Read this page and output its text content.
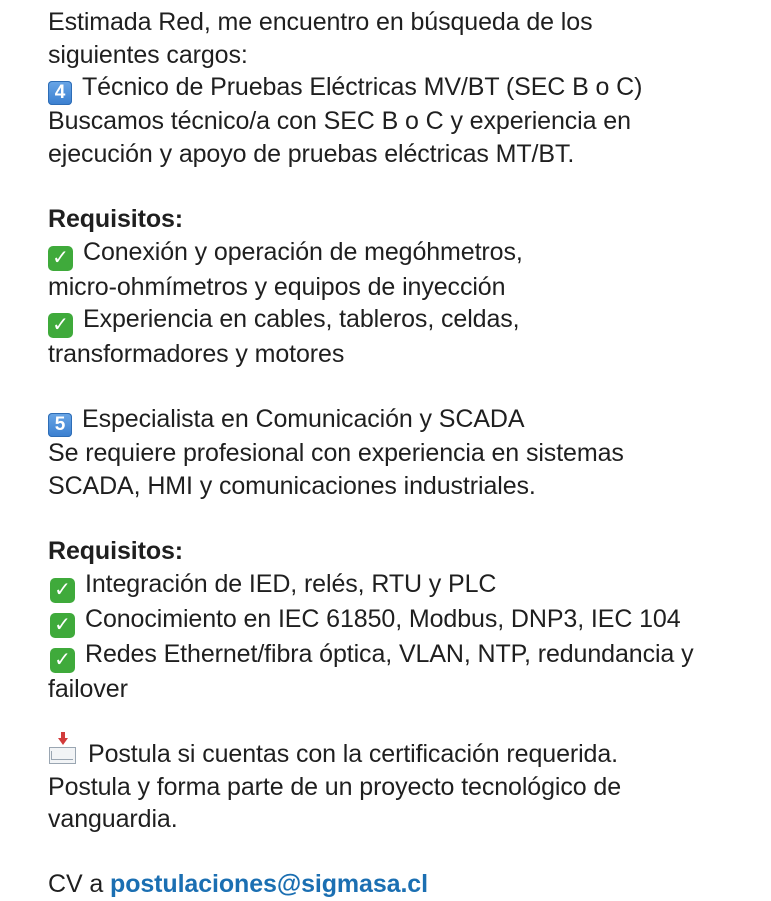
Estimada Red, me encuentro en búsqueda de los
siguientes cargos:
4 Técnico de Pruebas Eléctricas MV/BT (SEC B o C)
Buscamos técnico/a con SEC B o C y experiencia en
ejecución y apoyo de pruebas eléctricas MT/BT.
Requisitos:
✓ Conexión y operación de megóhmetros,
micro-ohmímetros y equipos de inyección
✓ Experiencia en cables, tableros, celdas,
transformadores y motores
5 Especialista en Comunicación y SCADA
Se requiere profesional con experiencia en sistemas
SCADA, HMI y comunicaciones industriales.
Requisitos:
✓ Integración de IED, relés, RTU y PLC
✓ Conocimiento en IEC 61850, Modbus, DNP3, IEC 104
✓ Redes Ethernet/fibra óptica, VLAN, NTP, redundancia y
failover
Postula si cuentas con la certificación requerida.
Postula y forma parte de un proyecto tecnológico de
vanguardia.
CV a postulaciones@sigmasa.cl
